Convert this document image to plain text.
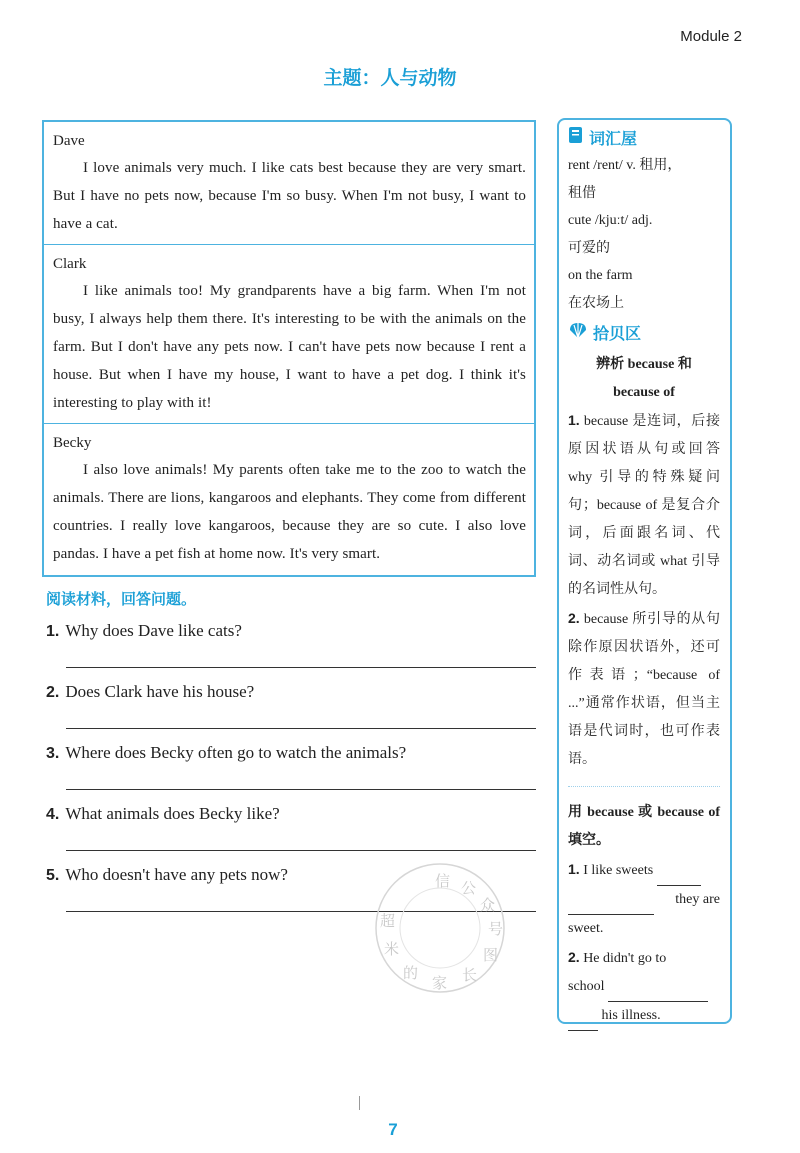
Module 2
主题：人与动物
Dave
I love animals very much. I like cats best because they are very smart. But I have no pets now, because I'm so busy. When I'm not busy, I want to have a cat.
Clark
I like animals too! My grandparents have a big farm. When I'm not busy, I always help them there. It's interesting to be with the animals on the farm. But I don't have any pets now. I can't have pets now because I rent a house. But when I have my house, I want to have a pet dog. I think it's interesting to play with it!
Becky
I also love animals! My parents often take me to the zoo to watch the animals. There are lions, kangaroos and elephants. They come from different countries. I really love kangaroos, because they are so cute. I also love pandas. I have a pet fish at home now. It's very smart.
阅读材料，回答问题。
1. Why does Dave like cats?
2. Does Clark have his house?
3. Where does Becky often go to watch the animals?
4. What animals does Becky like?
5. Who doesn't have any pets now?	信 公
众
号
图
长
家
的
米
超
词汇屋
rent /rent/ v. 租用，
租借
cute /kjuːt/ adj.
可爱的
on the farm
在农场上
拾贝区
辨析 because 和
because of
1. because 是连词，后接原因状语从句或回答 why 引导的特殊疑问句；because of 是复合介词，后面跟名词、代词、动名词或 what 引导的名词性从句。
2. because 所引导的从句除作原因状语外，还可作表语；“because of ...”通常作状语，但当主语是代词时，也可作表语。
用 because 或 because of 填空。
1. I like sweets

they are
sweet.
2. He didn't go to
school
his illness.
7
